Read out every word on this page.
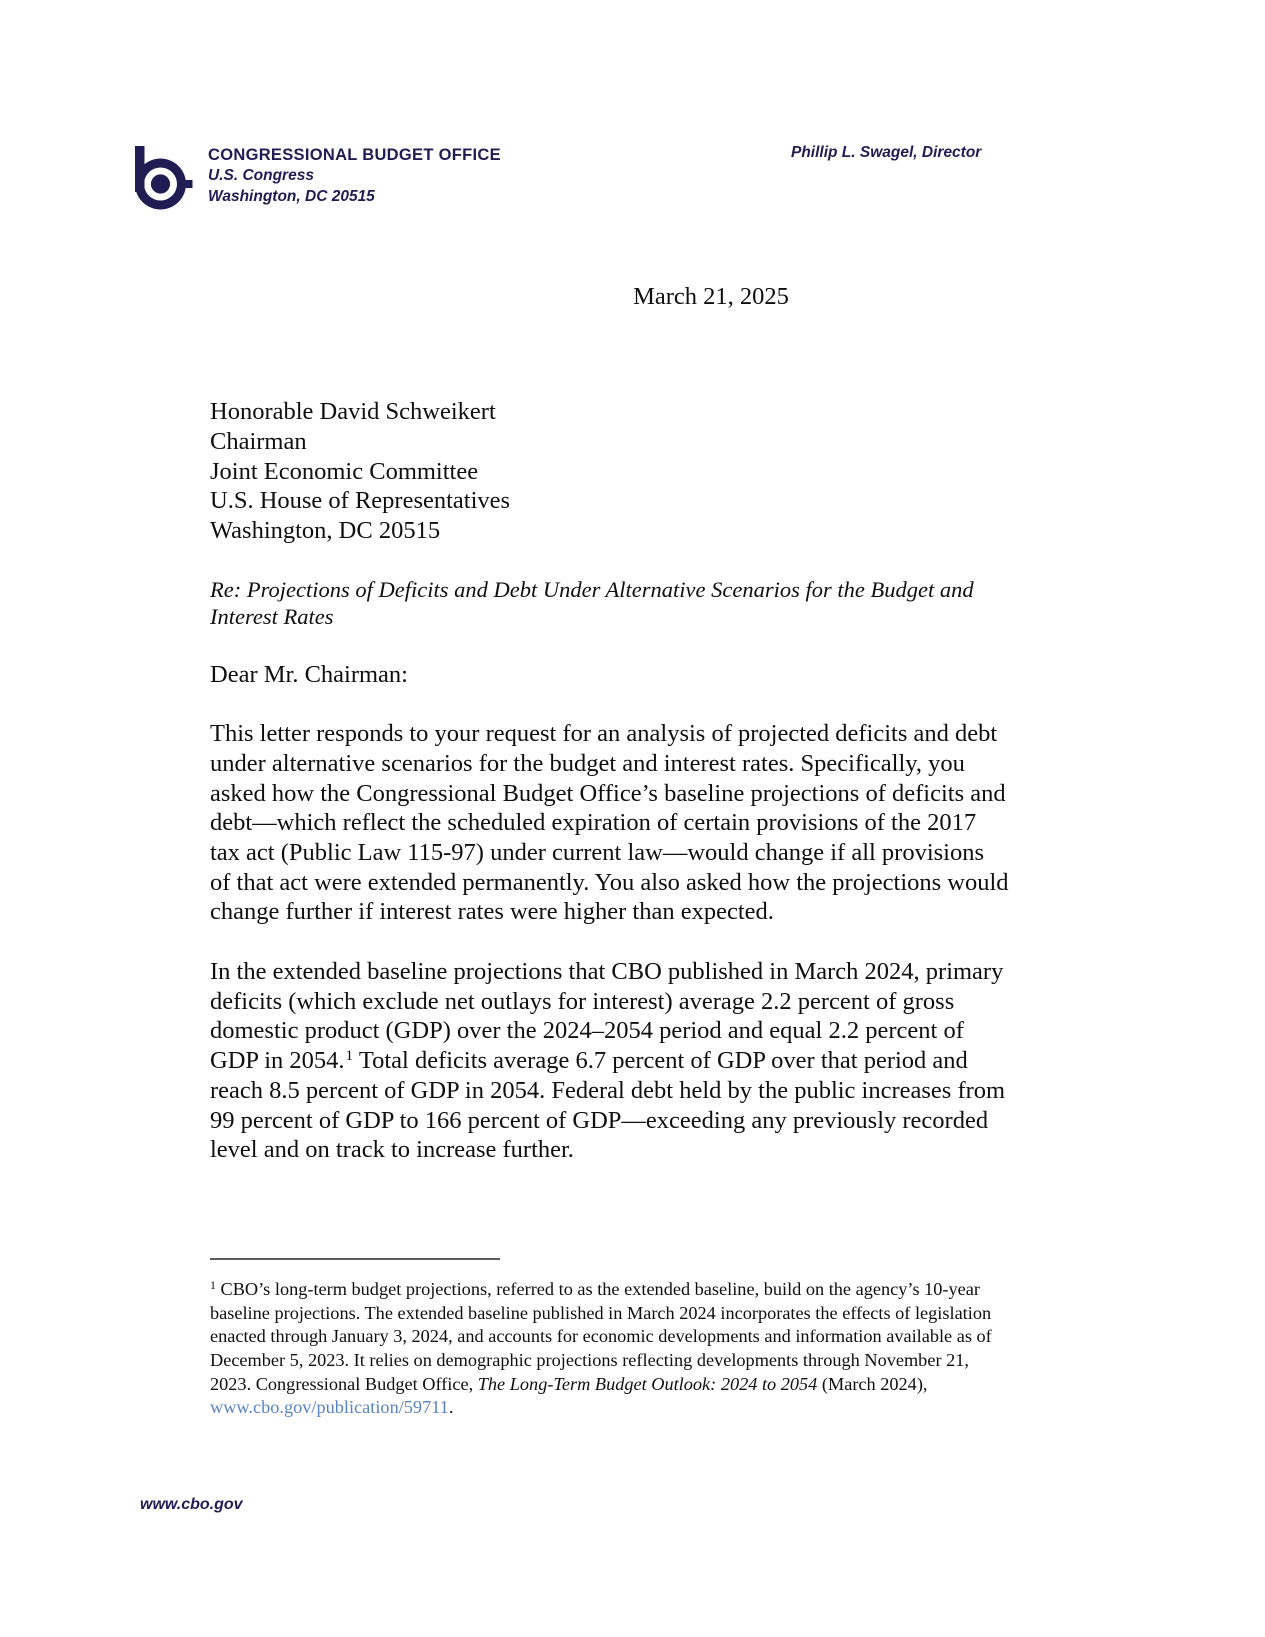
CONGRESSIONAL BUDGET OFFICE
U.S. Congress
Washington, DC 20515
Phillip L. Swagel, Director
March 21, 2025
Honorable David Schweikert
Chairman
Joint Economic Committee
U.S. House of Representatives
Washington, DC 20515
Re: Projections of Deficits and Debt Under Alternative Scenarios for the Budget and Interest Rates
Dear Mr. Chairman:
This letter responds to your request for an analysis of projected deficits and debt under alternative scenarios for the budget and interest rates. Specifically, you asked how the Congressional Budget Office’s baseline projections of deficits and debt—which reflect the scheduled expiration of certain provisions of the 2017 tax act (Public Law 115-97) under current law—would change if all provisions of that act were extended permanently. You also asked how the projections would change further if interest rates were higher than expected.
In the extended baseline projections that CBO published in March 2024, primary deficits (which exclude net outlays for interest) average 2.2 percent of gross domestic product (GDP) over the 2024–2054 period and equal 2.2 percent of GDP in 2054.$^1$ Total deficits average 6.7 percent of GDP over that period and reach 8.5 percent of GDP in 2054. Federal debt held by the public increases from 99 percent of GDP to 166 percent of GDP—exceeding any previously recorded level and on track to increase further.
$^1$ CBO’s long-term budget projections, referred to as the extended baseline, build on the agency’s 10-year baseline projections. The extended baseline published in March 2024 incorporates the effects of legislation enacted through January 3, 2024, and accounts for economic developments and information available as of December 5, 2023. It relies on demographic projections reflecting developments through November 21, 2023. Congressional Budget Office, The Long-Term Budget Outlook: 2024 to 2054 (March 2024), www.cbo.gov/publication/59711.
www.cbo.gov
